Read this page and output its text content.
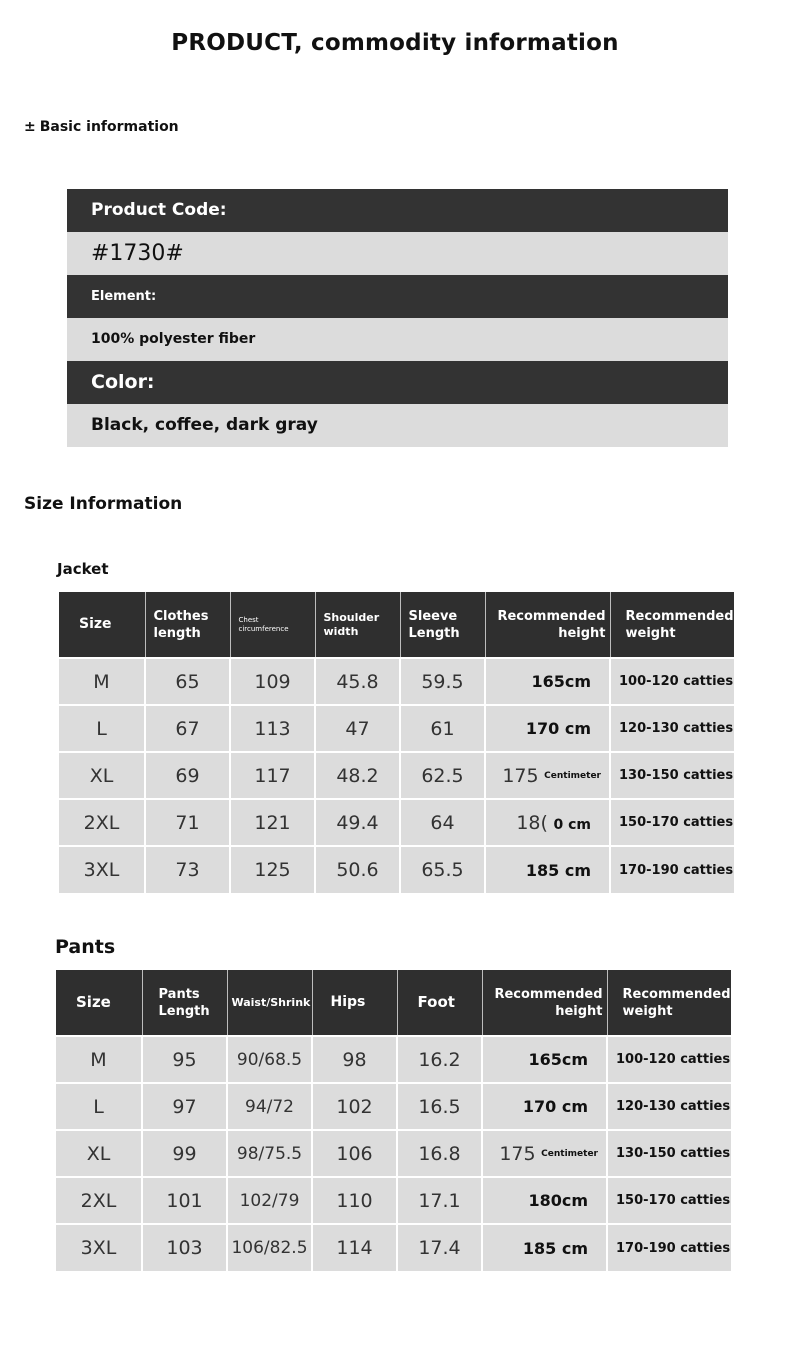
PRODUCT, commodity information
± Basic information
Product Code:
#1730#
Element:
100% polyester fiber
Color:
Black, coffee, dark gray
Size Information
Jacket
Size	Clothes length	Chest circumference	Shoulder width	Sleeve Length	Recommended height	Recommended weight
M	65	109	45.8	59.5	165cm	100-120 catties
L	67	113	47	61	170 cm	120-130 catties
XL	69	117	48.2	62.5	175 $^{Centimeter}$	130-150 catties
2XL	71	121	49.4	64	18( 0 cm	150-170 catties
3XL	73	125	50.6	65.5	185 cm	170-190 catties
Pants
Size	Pants Length	Waist/Shrink	Hips	Foot	Recommended height	Recommended weight
M	95	90/68.5	98	16.2	165cm	100-120 catties
L	97	94/72	102	16.5	170 cm	120-130 catties
XL	99	98/75.5	106	16.8	175 $^{Centimeter}$	130-150 catties
2XL	101	102/79	110	17.1	180cm	150-170 catties
3XL	103	106/82.5	114	17.4	185 cm	170-190 catties
